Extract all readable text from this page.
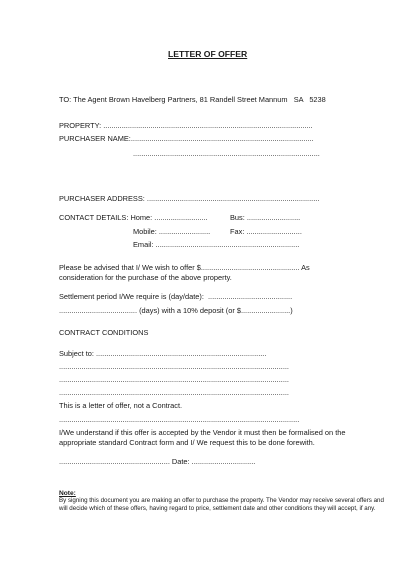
LETTER OF OFFER
TO: The Agent Brown Havelberg Partners, 81 Randell Street Mannum   SA   5238
PROPERTY: ......................................................................................................
PURCHASER NAME:.........................................................................................
...........................................................................................
PURCHASER ADDRESS: ....................................................................................
CONTACT DETAILS: Home: ..........................	Bus: ..........................
Mobile: .........................	Fax: ...........................
Email: ......................................................................
Please be advised that I/ We wish to offer $................................................ As
consideration for the purchase of the above property.
Settlement period I/We require is (day/date):  .........................................
...................................... (days) with a 10% deposit (or $........................)
CONTRACT CONDITIONS
Subject to: ...................................................................................
................................................................................................................
................................................................................................................
................................................................................................................
This is a letter of offer, not a Contract.
.....................................................................................................................
I/We understand if this offer is accepted by the Vendor it must then be formalised on the
appropriate standard Contract form and I/ We request this to be done forewith.
...................................................... Date: ...............................
Note:
By signing this document you are making an offer to purchase the property. The Vendor may receive several offers and will decide which of these offers, having regard to price, settlement date and other conditions they will accept, if any.
